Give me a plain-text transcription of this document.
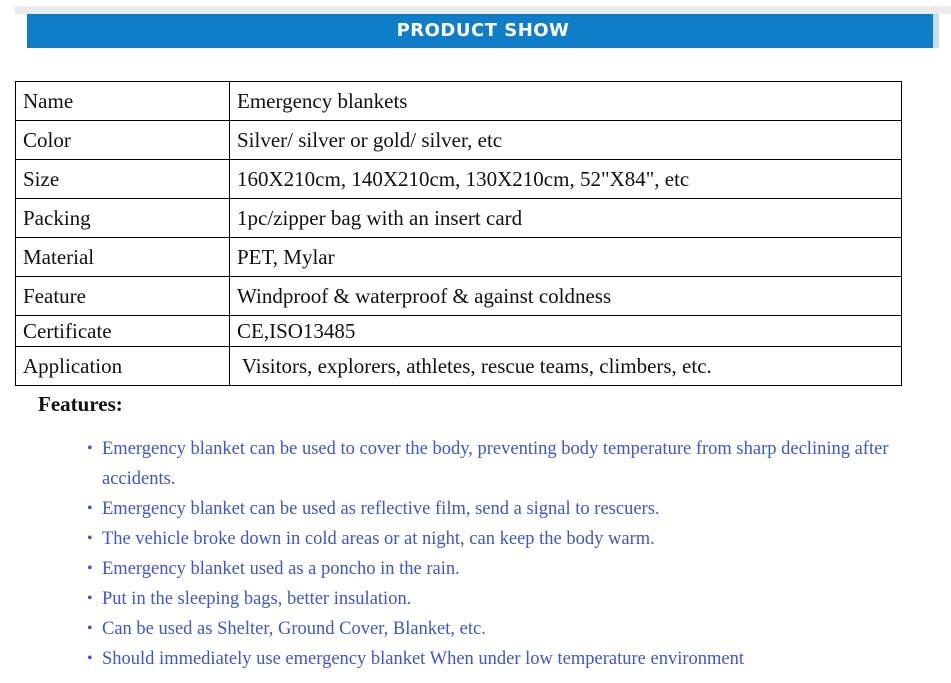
PRODUCT SHOW
Name	Emergency blankets
Color	Silver/ silver or gold/ silver, etc
Size	160X210cm, 140X210cm, 130X210cm, 52"X84", etc
Packing	1pc/zipper bag with an insert card
Material	PET, Mylar
Feature	Windproof & waterproof & against coldness
Certificate	CE,ISO13485
Application	Visitors, explorers, athletes, rescue teams, climbers, etc.
Features:
• Emergency blanket can be used to cover the body, preventing body temperature from sharp declining after accidents.
• Emergency blanket can be used as reflective film, send a signal to rescuers.
• The vehicle broke down in cold areas or at night, can keep the body warm.
• Emergency blanket used as a poncho in the rain.
• Put in the sleeping bags, better insulation.
• Can be used as Shelter, Ground Cover, Blanket, etc.
• Should immediately use emergency blanket When under low temperature environment
